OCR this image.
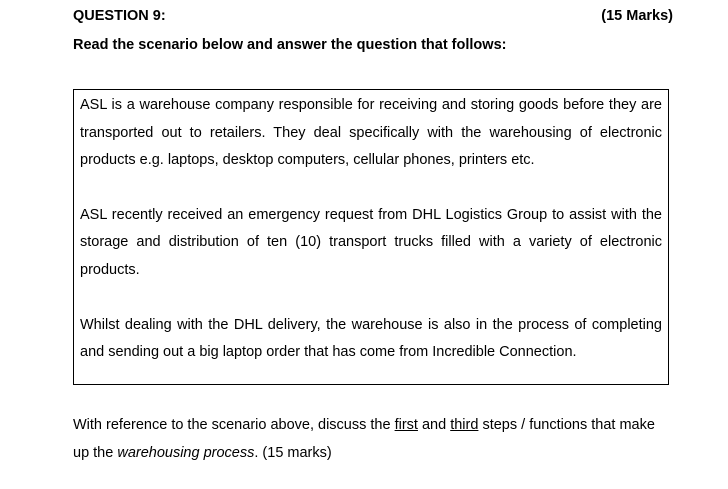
QUESTION 9:	(15 Marks)
Read the scenario below and answer the question that follows:

ASL is a warehouse company responsible for receiving and storing goods before they are transported out to retailers. They deal specifically with the warehousing of electronic products e.g. laptops, desktop computers, cellular phones, printers etc.

ASL recently received an emergency request from DHL Logistics Group to assist with the storage and distribution of ten (10) transport trucks filled with a variety of electronic products.

Whilst dealing with the DHL delivery, the warehouse is also in the process of completing and sending out a big laptop order that has come from Incredible Connection.

With reference to the scenario above, discuss the first and third steps / functions that make up the warehousing process. (15 marks)
